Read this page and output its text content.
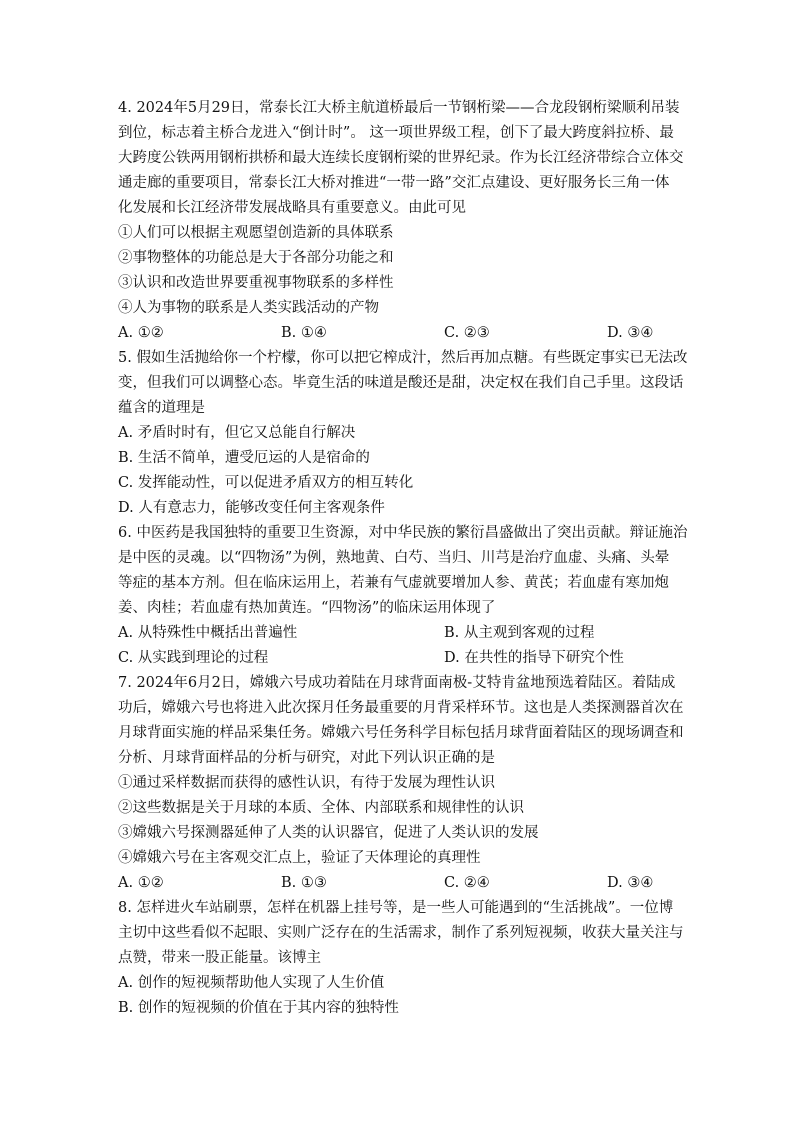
4. 2024年5月29日，常泰长江大桥主航道桥最后一节钢桁梁——合龙段钢桁梁顺利吊装
到位，标志着主桥合龙进入“倒计时”。 这一项世界级工程，创下了最大跨度斜拉桥、最
大跨度公铁两用钢桁拱桥和最大连续长度钢桁梁的世界纪录。作为长江经济带综合立体交
通走廊的重要项目，常泰长江大桥对推进“一带一路”交汇点建设、更好服务长三角一体
化发展和长江经济带发展战略具有重要意义。由此可见
①人们可以根据主观愿望创造新的具体联系
②事物整体的功能总是大于各部分功能之和
③认识和改造世界要重视事物联系的多样性
④人为事物的联系是人类实践活动的产物
A. ①②	B. ①④	C. ②③	D. ③④
5. 假如生活抛给你一个柠檬，你可以把它榨成汁，然后再加点糖。有些既定事实已无法改
变，但我们可以调整心态。毕竟生活的味道是酸还是甜，决定权在我们自己手里。这段话
蕴含的道理是
A. 矛盾时时有，但它又总能自行解决
B. 生活不简单，遭受厄运的人是宿命的
C. 发挥能动性，可以促进矛盾双方的相互转化
D. 人有意志力，能够改变任何主客观条件
6. 中医药是我国独特的重要卫生资源，对中华民族的繁衍昌盛做出了突出贡献。辩证施治
是中医的灵魂。以“四物汤”为例，熟地黄、白芍、当归、川芎是治疗血虚、头痛、头晕
等症的基本方剂。但在临床运用上，若兼有气虚就要增加人参、黄芪；若血虚有寒加炮
姜、肉桂；若血虚有热加黄连。“四物汤”的临床运用体现了
A. 从特殊性中概括出普遍性	B. 从主观到客观的过程
C. 从实践到理论的过程	D. 在共性的指导下研究个性
7. 2024年6月2日，嫦娥六号成功着陆在月球背面南极-艾特肯盆地预选着陆区。着陆成
功后，嫦娥六号也将进入此次探月任务最重要的月背采样环节。这也是人类探测器首次在
月球背面实施的样品采集任务。嫦娥六号任务科学目标包括月球背面着陆区的现场调查和
分析、月球背面样品的分析与研究，对此下列认识正确的是
①通过采样数据而获得的感性认识，有待于发展为理性认识
②这些数据是关于月球的本质、全体、内部联系和规律性的认识
③嫦娥六号探测器延伸了人类的认识器官，促进了人类认识的发展
④嫦娥六号在主客观交汇点上，验证了天体理论的真理性
A. ①②	B. ①③	C. ②④	D. ③④
8. 怎样进火车站刷票，怎样在机器上挂号等，是一些人可能遇到的“生活挑战”。一位博
主切中这些看似不起眼、实则广泛存在的生活需求，制作了系列短视频，收获大量关注与
点赞，带来一股正能量。该博主
A. 创作的短视频帮助他人实现了人生价值
B. 创作的短视频的价值在于其内容的独特性
